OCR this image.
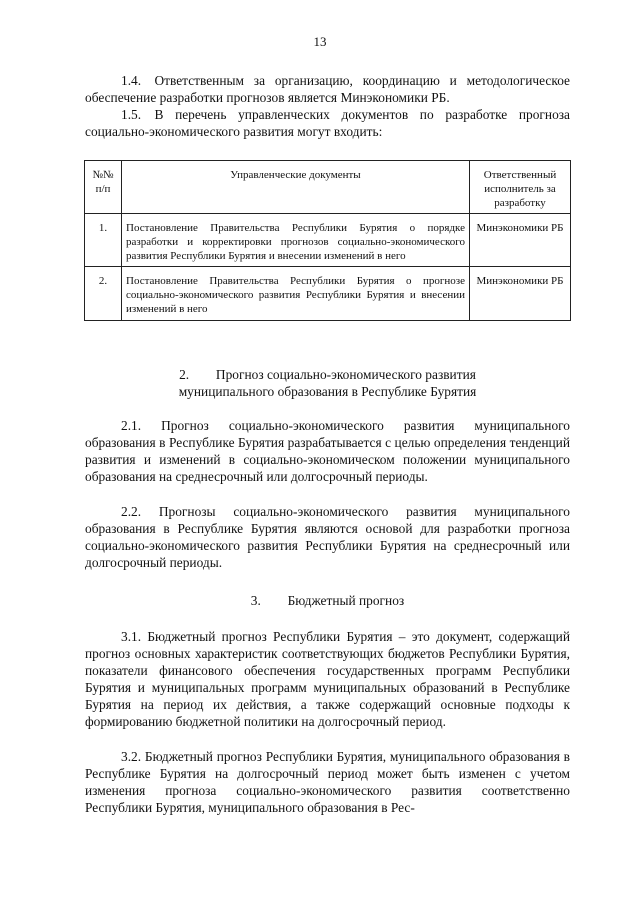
13

1.4. Ответственным за организацию, координацию и методологическое обеспечение разработки прогнозов является Минэкономики РБ.

1.5. В перечень управленческих документов по разработке прогноза социально-экономического развития могут входить:

№№ п/п	Управленческие документы	Ответственный исполнитель за разработку
1.	Постановление Правительства Республики Бурятия о порядке разработки и корректировки прогнозов социально-экономического развития Республики Бурятия и внесении изменений в него	Минэкономики РБ
2.	Постановление Правительства Республики Бурятия о прогнозе социально-экономического развития Республики Бурятия и внесении изменений в него	Минэкономики РБ
2.  Прогноз социально-экономического развития
муниципального образования в Республике Бурятия

2.1. Прогноз социально-экономического развития муниципального образования в Республике Бурятия разрабатывается с целью определения тенденций развития и изменений в социально-экономическом положении муниципального образования на среднесрочный или долгосрочный периоды.

2.2. Прогнозы социально-экономического развития муниципального образования в Республике Бурятия являются основой для разработки прогноза социально-экономического развития Республики Бурятия на среднесрочный или долгосрочный периоды.

3.  Бюджетный прогноз

3.1. Бюджетный прогноз Республики Бурятия – это документ, содержащий прогноз основных характеристик соответствующих бюджетов Республики Бурятия, показатели финансового обеспечения государственных программ Республики Бурятия и муниципальных программ муниципальных образований в Республике Бурятия на период их действия, а также содержащий основные подходы к формированию бюджетной политики на долгосрочный период.

3.2. Бюджетный прогноз Республики Бурятия, муниципального образования в Республике Бурятия на долгосрочный период может быть изменен с учетом изменения прогноза социально-экономического развития соответственно Республики Бурятия, муниципального образования в Рес-
